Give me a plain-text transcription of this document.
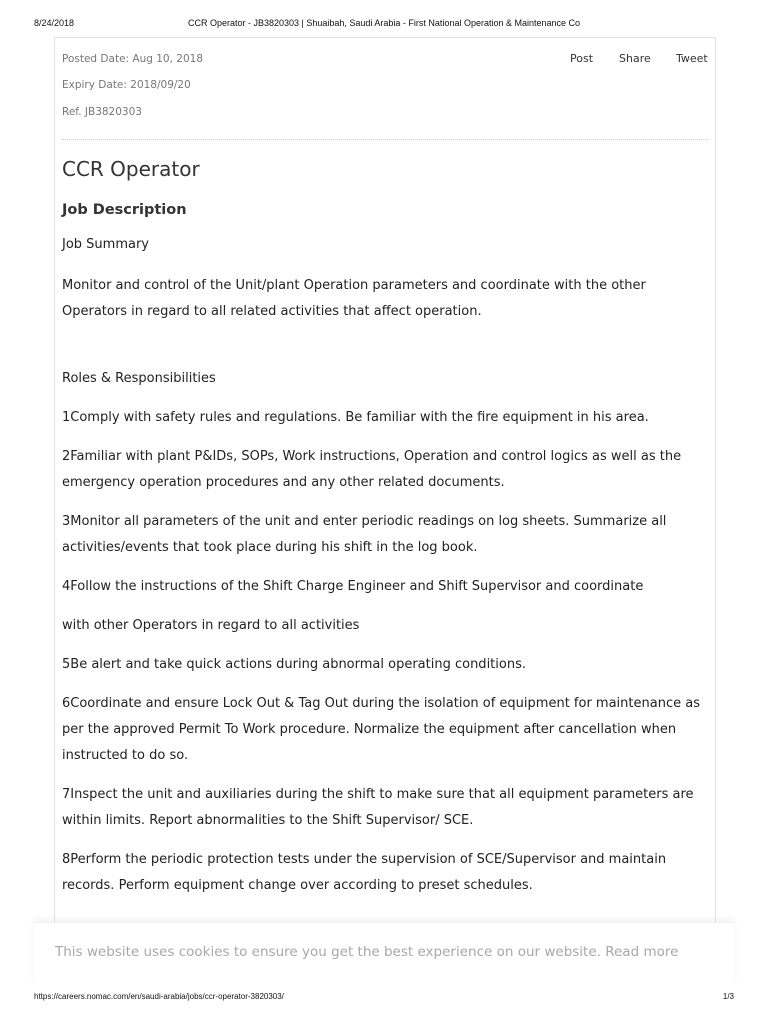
8/24/2018	CCR Operator - JB3820303 | Shuaibah, Saudi Arabia - First National Operation & Maintenance Co
Posted Date: Aug 10, 2018
Expiry Date: 2018/09/20
Ref. JB3820303
Post Share Tweet
CCR Operator
Job Description

Job Summary

Monitor and control of the Unit/plant Operation parameters and coordinate with the other Operators in regard to all related activities that affect operation.

Roles & Responsibilities

1Comply with safety rules and regulations. Be familiar with the fire equipment in his area.

2Familiar with plant P&IDs, SOPs, Work instructions, Operation and control logics as well as the emergency operation procedures and any other related documents.

3Monitor all parameters of the unit and enter periodic readings on log sheets. Summarize all activities/events that took place during his shift in the log book.

4Follow the instructions of the Shift Charge Engineer and Shift Supervisor and coordinate

with other Operators in regard to all activities

5Be alert and take quick actions during abnormal operating conditions.

6Coordinate and ensure Lock Out & Tag Out during the isolation of equipment for maintenance as per the approved Permit To Work procedure. Normalize the equipment after cancellation when instructed to do so.

7Inspect the unit and auxiliaries during the shift to make sure that all equipment parameters are within limits. Report abnormalities to the Shift Supervisor/ SCE.

8Perform the periodic protection tests under the supervision of SCE/Supervisor and maintain records. Perform equipment change over according to preset schedules.

This website uses cookies to ensure you get the best experience on our website. Read more
https://careers.nomac.com/en/saudi-arabia/jobs/ccr-operator-3820303/	1/3
